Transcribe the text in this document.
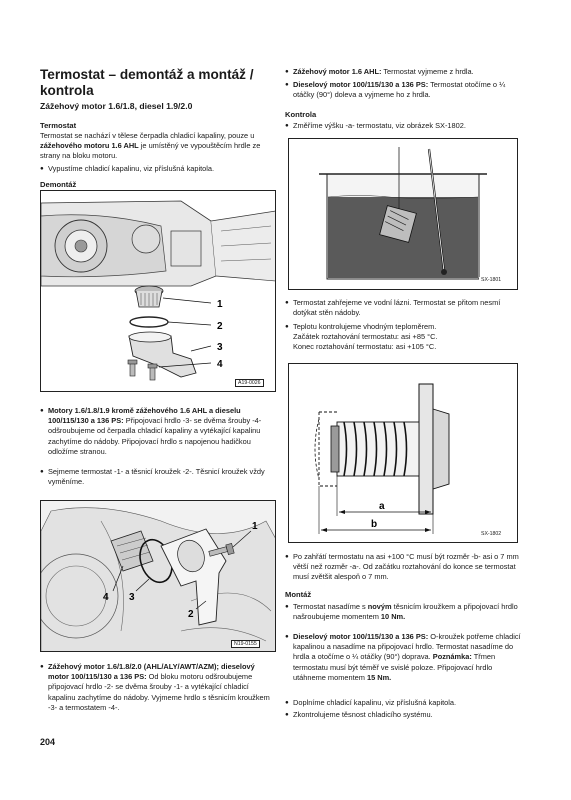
Termostat – demontáž a montáž / kontrola
Zážehový motor 1.6/1.8, diesel 1.9/2.0
Termostat
Termostat se nachází v tělese čerpadla chladicí kapaliny, pouze u zážehového motoru 1.6 AHL je umístěný ve vypouštěcím hrdle ze strany na bloku motoru.
● Vypustíme chladicí kapalinu, viz příslušná kapitola.
Demontáž
1
2
3
4
A19-0026
● Motory 1.6/1.8/1.9 kromě zážehového 1.6 AHL a dieselu 100/115/130 a 136 PS: Připojovací hrdlo -3- se dvěma šrouby -4- odšroubujeme od čerpadla chladicí kapaliny a vytékající kapalinu zachytíme do nádoby. Připojovací hrdlo s napojenou hadičkou odložíme stranou.
● Sejmeme termostat -1- a těsnicí kroužek -2-. Těsnicí kroužek vždy vyměníme.
1
4 3
2
N19-0155
● Zážehový motor 1.6/1.8/2.0 (AHL/ALY/AWT/AZM); dieselový motor 100/115/130 a 136 PS: Od bloku motoru odšroubujeme připojovací hrdlo -2- se dvěma šrouby -1- a vytékající chladicí kapalinu zachytíme do nádoby. Vyjmeme hrdlo s těsnicím kroužkem -3- a termostatem -4-.
204
● Zážehový motor 1.6 AHL: Termostat vyjmeme z hrdla.
● Dieselový motor 100/115/130 a 136 PS: Termostat otočíme o ¼ otáčky (90°) doleva a vyjmeme ho z hrdla.
Kontrola
● Změříme výšku -a- termostatu, viz obrázek SX-1802.
SX-1801
● Termostat zahřejeme ve vodní lázni. Termostat se přitom nesmí dotýkat stěn nádoby.
● Teplotu kontrolujeme vhodným teploměrem.
Začátek roztahování termostatu: asi +85 °C.
Konec roztahování termostatu: asi +105 °C.
a
b
SX-1802
● Po zahřátí termostatu na asi +100 °C musí být rozměr -b- asi o 7 mm větší než rozměr -a-. Od začátku roztahování do konce se termostat musí zvětšit alespoň o 7 mm.
Montáž
● Termostat nasadíme s novým těsnicím kroužkem a připojovací hrdlo našroubujeme momentem 10 Nm.
● Dieselový motor 100/115/130 a 136 PS: O-kroužek potřeme chladicí kapalinou a nasadíme na připojovací hrdlo. Termostat nasadíme do hrdla a otočíme o ¼ otáčky (90°) doprava. Poznámka: Třmen termostatu musí být téměř ve svislé poloze. Připojovací hrdlo utáhneme momentem 15 Nm.
● Doplníme chladicí kapalinu, viz příslušná kapitola.
● Zkontrolujeme těsnost chladicího systému.
